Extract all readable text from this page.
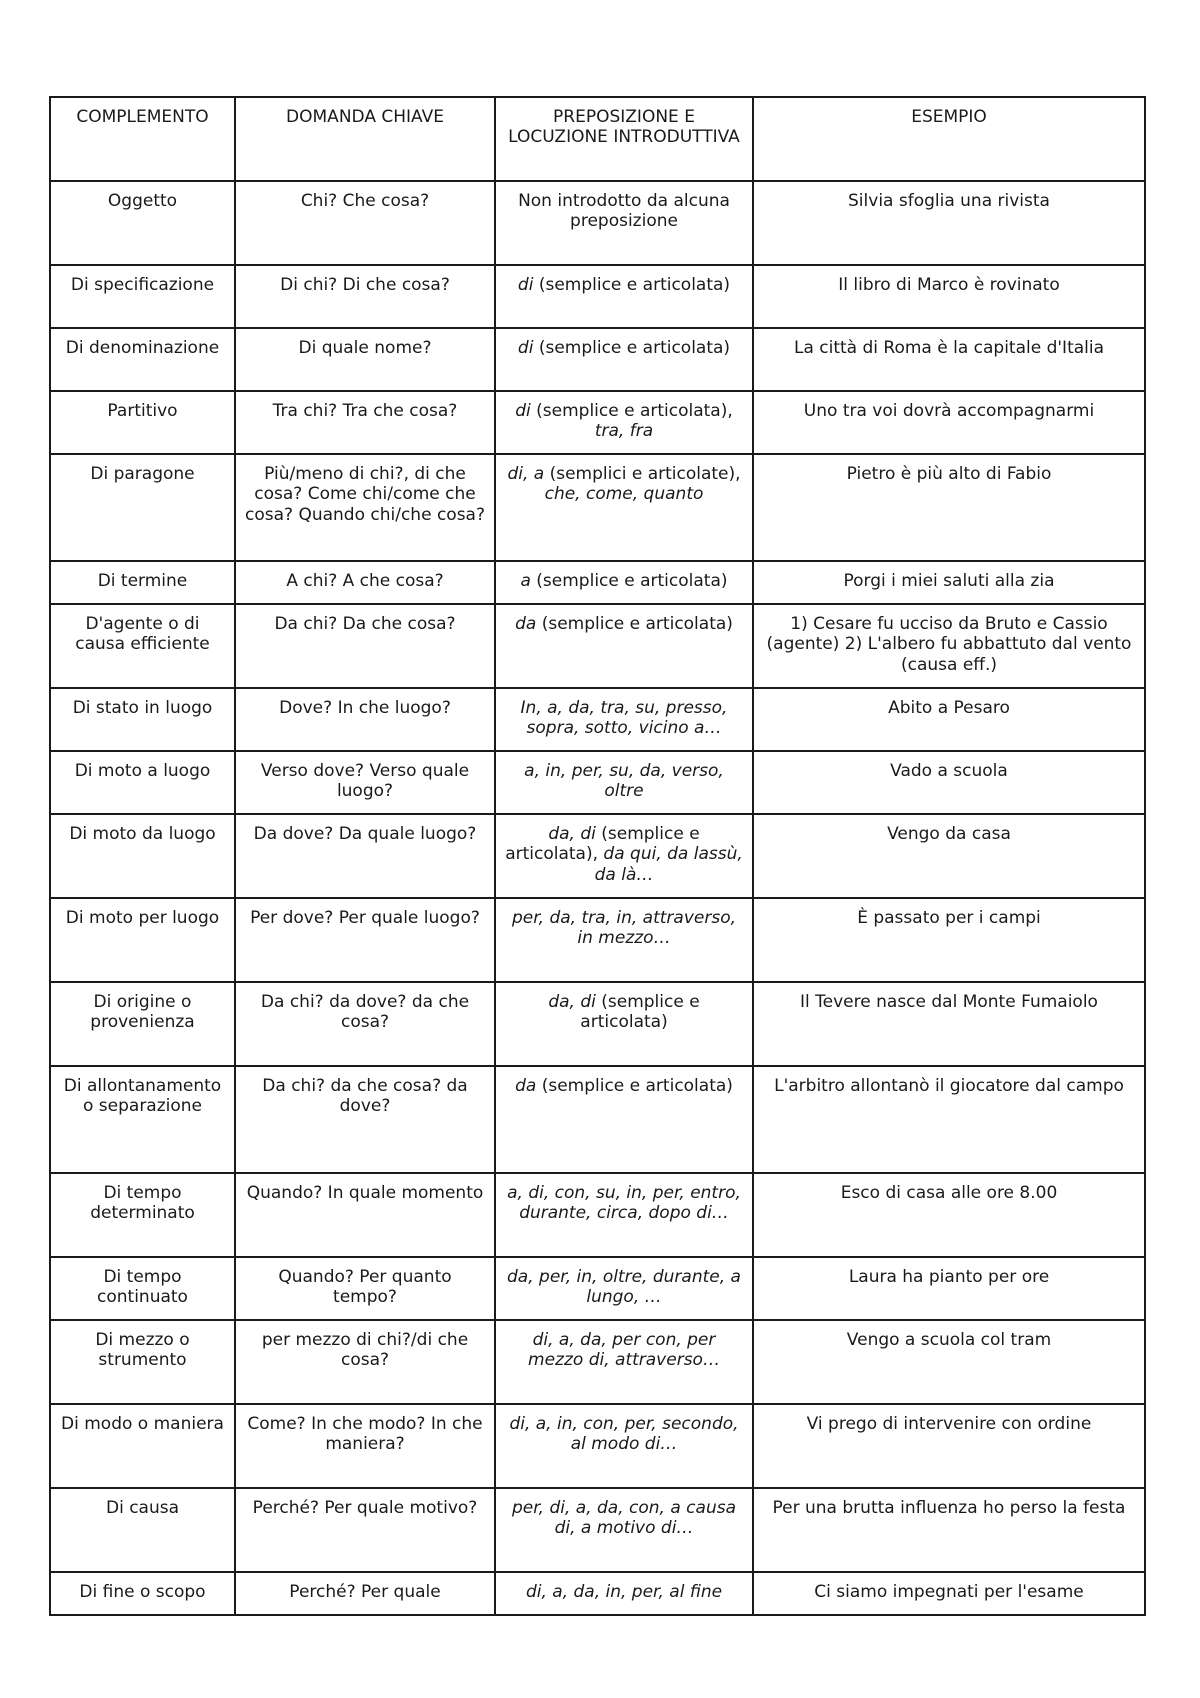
COMPLEMENTO	DOMANDA CHIAVE	PREPOSIZIONE E LOCUZIONE INTRODUTTIVA	ESEMPIO
Oggetto	Chi? Che cosa?	Non introdotto da alcuna preposizione	Silvia sfoglia una rivista
Di specificazione	Di chi? Di che cosa?	di (semplice e articolata)	Il libro di Marco è rovinato
Di denominazione	Di quale nome?	di (semplice e articolata)	La città di Roma è la capitale d'Italia
Partitivo	Tra chi? Tra che cosa?	di (semplice e articolata), tra, fra	Uno tra voi dovrà accompagnarmi
Di paragone	Più/meno di chi?, di che cosa? Come chi/come che cosa? Quando chi/che cosa?	di, a (semplici e articolate), che, come, quanto	Pietro è più alto di Fabio
Di termine	A chi? A che cosa?	a (semplice e articolata)	Porgi i miei saluti alla zia
D'agente o di causa efficiente	Da chi? Da che cosa?	da (semplice e articolata)	1) Cesare fu ucciso da Bruto e Cassio (agente) 2) L'albero fu abbattuto dal vento (causa eff.)
Di stato in luogo	Dove? In che luogo?	In, a, da, tra, su, presso, sopra, sotto, vicino a…	Abito a Pesaro
Di moto a luogo	Verso dove? Verso quale luogo?	a, in, per, su, da, verso, oltre	Vado a scuola
Di moto da luogo	Da dove? Da quale luogo?	da, di (semplice e articolata), da qui, da lassù, da là…	Vengo da casa
Di moto per luogo	Per dove? Per quale luogo?	per, da, tra, in, attraverso, in mezzo…	È passato per i campi
Di origine o provenienza	Da chi? da dove? da che cosa?	da, di (semplice e articolata)	Il Tevere nasce dal Monte Fumaiolo
Di allontanamento o separazione	Da chi? da che cosa? da dove?	da (semplice e articolata)	L'arbitro allontanò il giocatore dal campo
Di tempo determinato	Quando? In quale momento	a, di, con, su, in, per, entro, durante, circa, dopo di…	Esco di casa alle ore 8.00
Di tempo continuato	Quando? Per quanto tempo?	da, per, in, oltre, durante, a lungo, …	Laura ha pianto per ore
Di mezzo o strumento	per mezzo di chi?/di che cosa?	di, a, da, per con, per mezzo di, attraverso…	Vengo a scuola col tram
Di modo o maniera	Come? In che modo? In che maniera?	di, a, in, con, per, secondo, al modo di…	Vi prego di intervenire con ordine
Di causa	Perché? Per quale motivo?	per, di, a, da, con, a causa di, a motivo di…	Per una brutta influenza ho perso la festa
Di fine o scopo	Perché? Per quale	di, a, da, in, per, al fine	Ci siamo impegnati per l'esame
